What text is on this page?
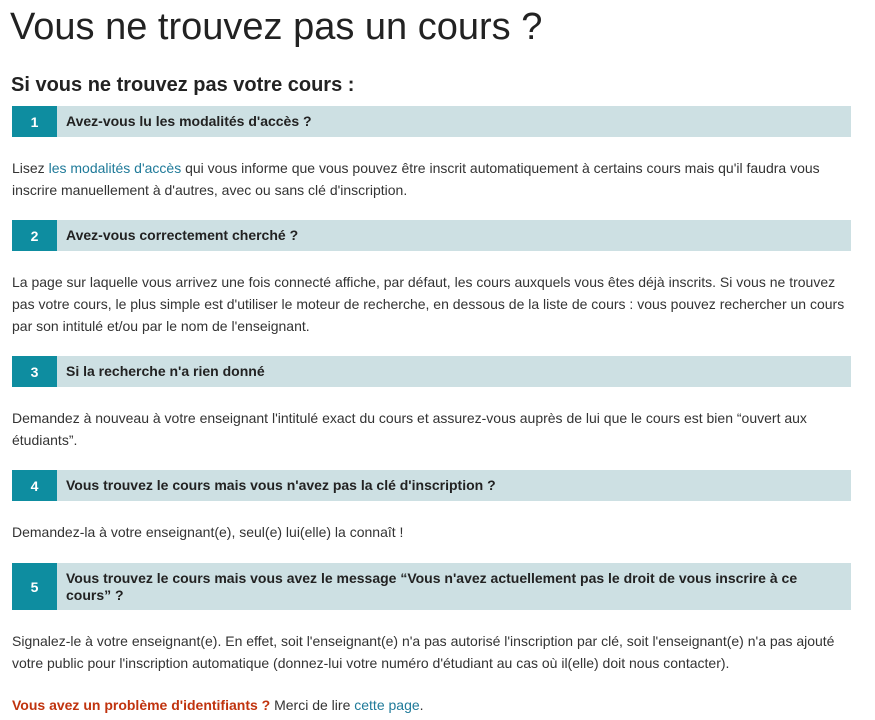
Vous ne trouvez pas un cours ?
Si vous ne trouvez pas votre cours :
1	Avez-vous lu les modalités d'accès ?

Lisez les modalités d'accès qui vous informe que vous pouvez être inscrit automatiquement à certains cours mais qu'il faudra vous inscrire manuellement à d'autres, avec ou sans clé d'inscription.

2	Avez-vous correctement cherché ?

La page sur laquelle vous arrivez une fois connecté affiche, par défaut, les cours auxquels vous êtes déjà inscrits. Si vous ne trouvez pas votre cours, le plus simple est d'utiliser le moteur de recherche, en dessous de la liste de cours : vous pouvez rechercher un cours par son intitulé et/ou par le nom de l'enseignant.

3	Si la recherche n'a rien donné

Demandez à nouveau à votre enseignant l'intitulé exact du cours et assurez-vous auprès de lui que le cours est bien “ouvert aux étudiants”.

4	Vous trouvez le cours mais vous n'avez pas la clé d'inscription ?

Demandez-la à votre enseignant(e), seul(e) lui(elle) la connaît !

5
Vous trouvez le cours mais vous avez le message “Vous n'avez actuellement pas le droit de vous inscrire à ce cours” ?

Signalez-le à votre enseignant(e). En effet, soit l'enseignant(e) n'a pas autorisé l'inscription par clé, soit l'enseignant(e) n'a pas ajouté votre public pour l'inscription automatique (donnez-lui votre numéro d'étudiant au cas où il(elle) doit nous contacter).

Vous avez un problème d'identifiants ? Merci de lire cette page.
